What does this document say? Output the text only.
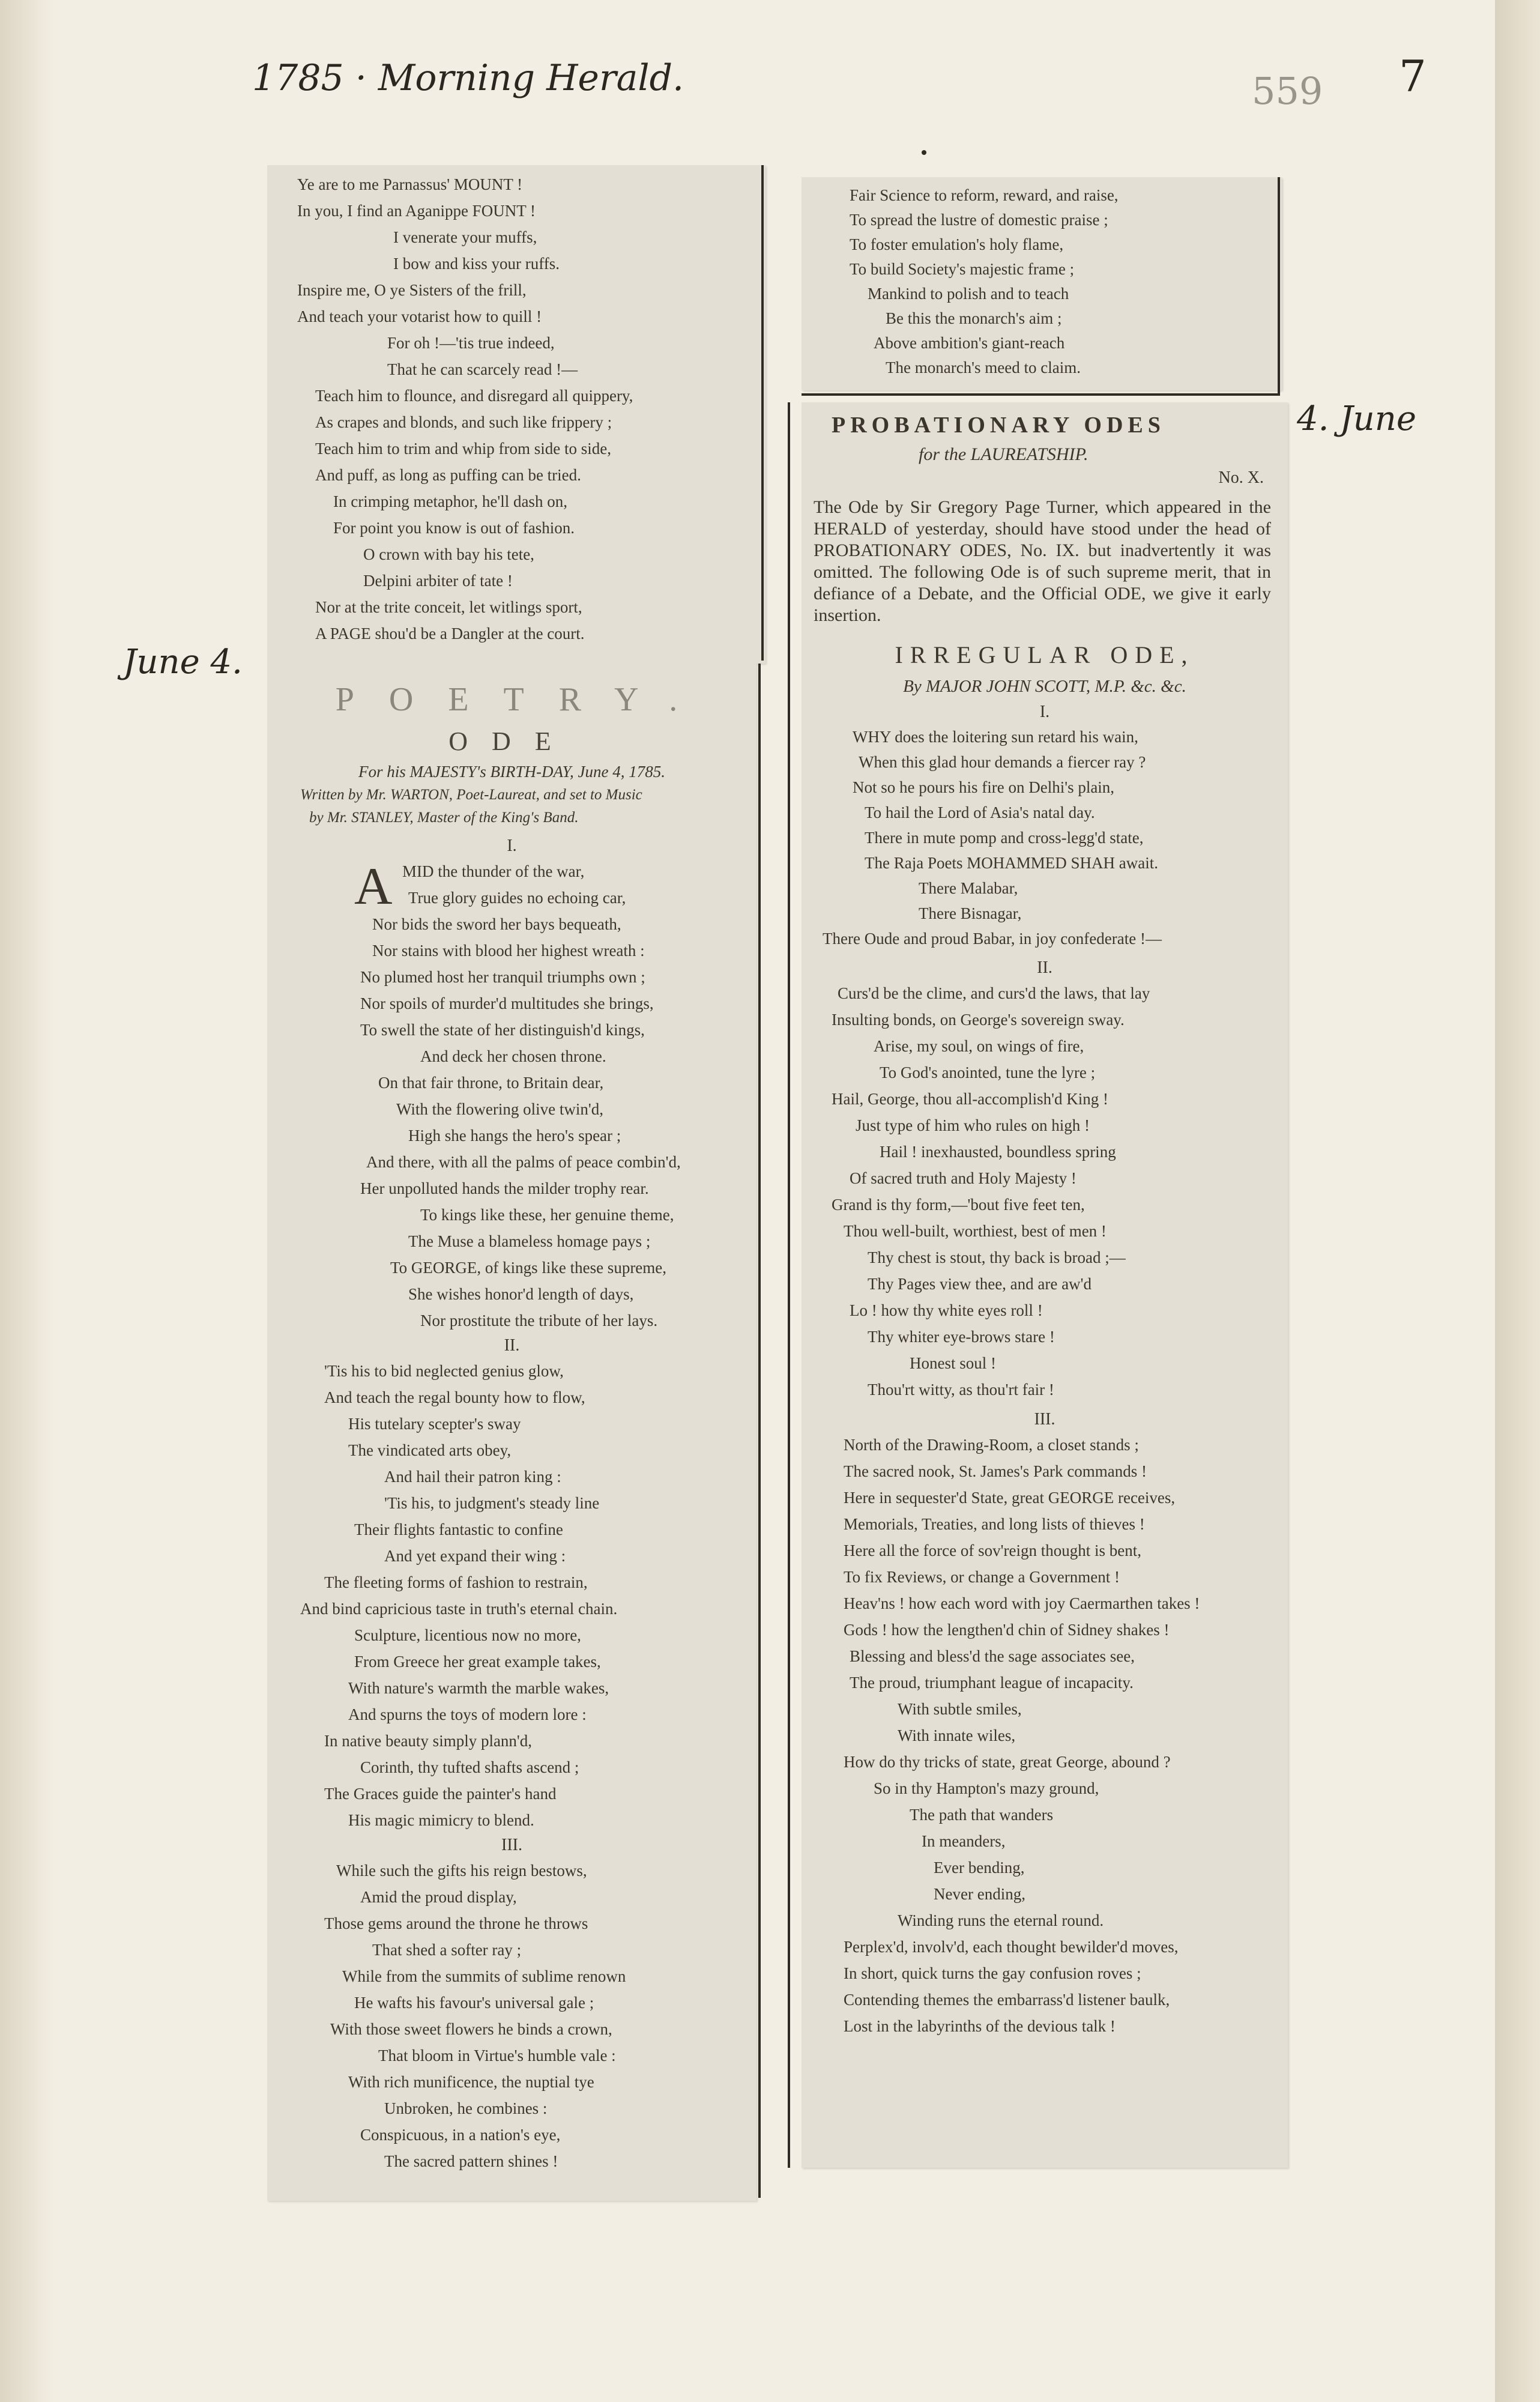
1785 · Morning Herald.	559 7
June 4.
4. June
Ye are to me Parnassus' MOUNT !
In you, I find an Aganippe FOUNT !
I venerate your muffs,
I bow and kiss your ruffs.
Inspire me, O ye Sisters of the frill,
And teach your votarist how to quill !
For oh !—'tis true indeed,
That he can scarcely read !—
Teach him to flounce, and disregard all quippery,
As crapes and blonds, and such like frippery ;
Teach him to trim and whip from side to side,
And puff, as long as puffing can be tried.
In crimping metaphor, he'll dash on,
For point you know is out of fashion.
O crown with bay his tete,
Delpini arbiter of tate !
Nor at the trite conceit, let witlings sport,
A PAGE shou'd be a Dangler at the court.
POETRY.
ODE
For his MAJESTY's BIRTH-DAY, June 4, 1785.
Written by Mr. WARTON, Poet-Laureat, and set to Music
by Mr. STANLEY, Master of the King's Band.
I.
A MID the thunder of the war,
True glory guides no echoing car,
Nor bids the sword her bays bequeath,
Nor stains with blood her highest wreath :
No plumed host her tranquil triumphs own ;
Nor spoils of murder'd multitudes she brings,
To swell the state of her distinguish'd kings,
And deck her chosen throne.
On that fair throne, to Britain dear,
With the flowering olive twin'd,
High she hangs the hero's spear ;
And there, with all the palms of peace combin'd,
Her unpolluted hands the milder trophy rear.
To kings like these, her genuine theme,
The Muse a blameless homage pays ;
To GEORGE, of kings like these supreme,
She wishes honor'd length of days,
Nor prostitute the tribute of her lays.
II.
'Tis his to bid neglected genius glow,
And teach the regal bounty how to flow,
His tutelary scepter's sway
The vindicated arts obey,
And hail their patron king :
'Tis his, to judgment's steady line
Their flights fantastic to confine
And yet expand their wing :
The fleeting forms of fashion to restrain,
And bind capricious taste in truth's eternal chain.
Sculpture, licentious now no more,
From Greece her great example takes,
With nature's warmth the marble wakes,
And spurns the toys of modern lore :
In native beauty simply plann'd,
Corinth, thy tufted shafts ascend ;
The Graces guide the painter's hand
His magic mimicry to blend.
III.
While such the gifts his reign bestows,
Amid the proud display,
Those gems around the throne he throws
That shed a softer ray ;
While from the summits of sublime renown
He wafts his favour's universal gale ;
With those sweet flowers he binds a crown,
That bloom in Virtue's humble vale :
With rich munificence, the nuptial tye
Unbroken, he combines :
Conspicuous, in a nation's eye,
The sacred pattern shines !
Fair Science to reform, reward, and raise,
To spread the lustre of domestic praise ;
To foster emulation's holy flame,
To build Society's majestic frame ;
Mankind to polish and to teach
Be this the monarch's aim ;
Above ambition's giant-reach
The monarch's meed to claim.
PROBATIONARY ODES
for the LAUREATSHIP.
No. X.
The Ode by Sir Gregory Page Turner, which appeared in the HERALD of yesterday, should have stood under the head of PROBATIONARY ODES, No. IX. but inadvertently it was omitted. The following Ode is of such supreme merit, that in defiance of a Debate, and the Official ODE, we give it early insertion.
IRREGULAR ODE,
By MAJOR JOHN SCOTT, M.P. &c. &c.
I.
WHY does the loitering sun retard his wain,
When this glad hour demands a fiercer ray ?
Not so he pours his fire on Delhi's plain,
To hail the Lord of Asia's natal day.
There in mute pomp and cross-legg'd state,
The Raja Poets MOHAMMED SHAH await.
There Malabar,
There Bisnagar,
There Oude and proud Babar, in joy confederate !—
II.
Curs'd be the clime, and curs'd the laws, that lay
Insulting bonds, on George's sovereign sway.
Arise, my soul, on wings of fire,
To God's anointed, tune the lyre ;
Hail, George, thou all-accomplish'd King !
Just type of him who rules on high !
Hail ! inexhausted, boundless spring
Of sacred truth and Holy Majesty !
Grand is thy form,—'bout five feet ten,
Thou well-built, worthiest, best of men !
Thy chest is stout, thy back is broad ;—
Thy Pages view thee, and are aw'd
Lo ! how thy white eyes roll !
Thy whiter eye-brows stare !
Honest soul !
Thou'rt witty, as thou'rt fair !
III.
North of the Drawing-Room, a closet stands ;
The sacred nook, St. James's Park commands !
Here in sequester'd State, great GEORGE receives,
Memorials, Treaties, and long lists of thieves !
Here all the force of sov'reign thought is bent,
To fix Reviews, or change a Government !
Heav'ns ! how each word with joy Caermarthen takes !
Gods ! how the lengthen'd chin of Sidney shakes !
Blessing and bless'd the sage associates see,
The proud, triumphant league of incapacity.
With subtle smiles,
With innate wiles,
How do thy tricks of state, great George, abound ?
So in thy Hampton's mazy ground,
The path that wanders
In meanders,
Ever bending,
Never ending,
Winding runs the eternal round.
Perplex'd, involv'd, each thought bewilder'd moves,
In short, quick turns the gay confusion roves ;
Contending themes the embarrass'd listener baulk,
Lost in the labyrinths of the devious talk !
